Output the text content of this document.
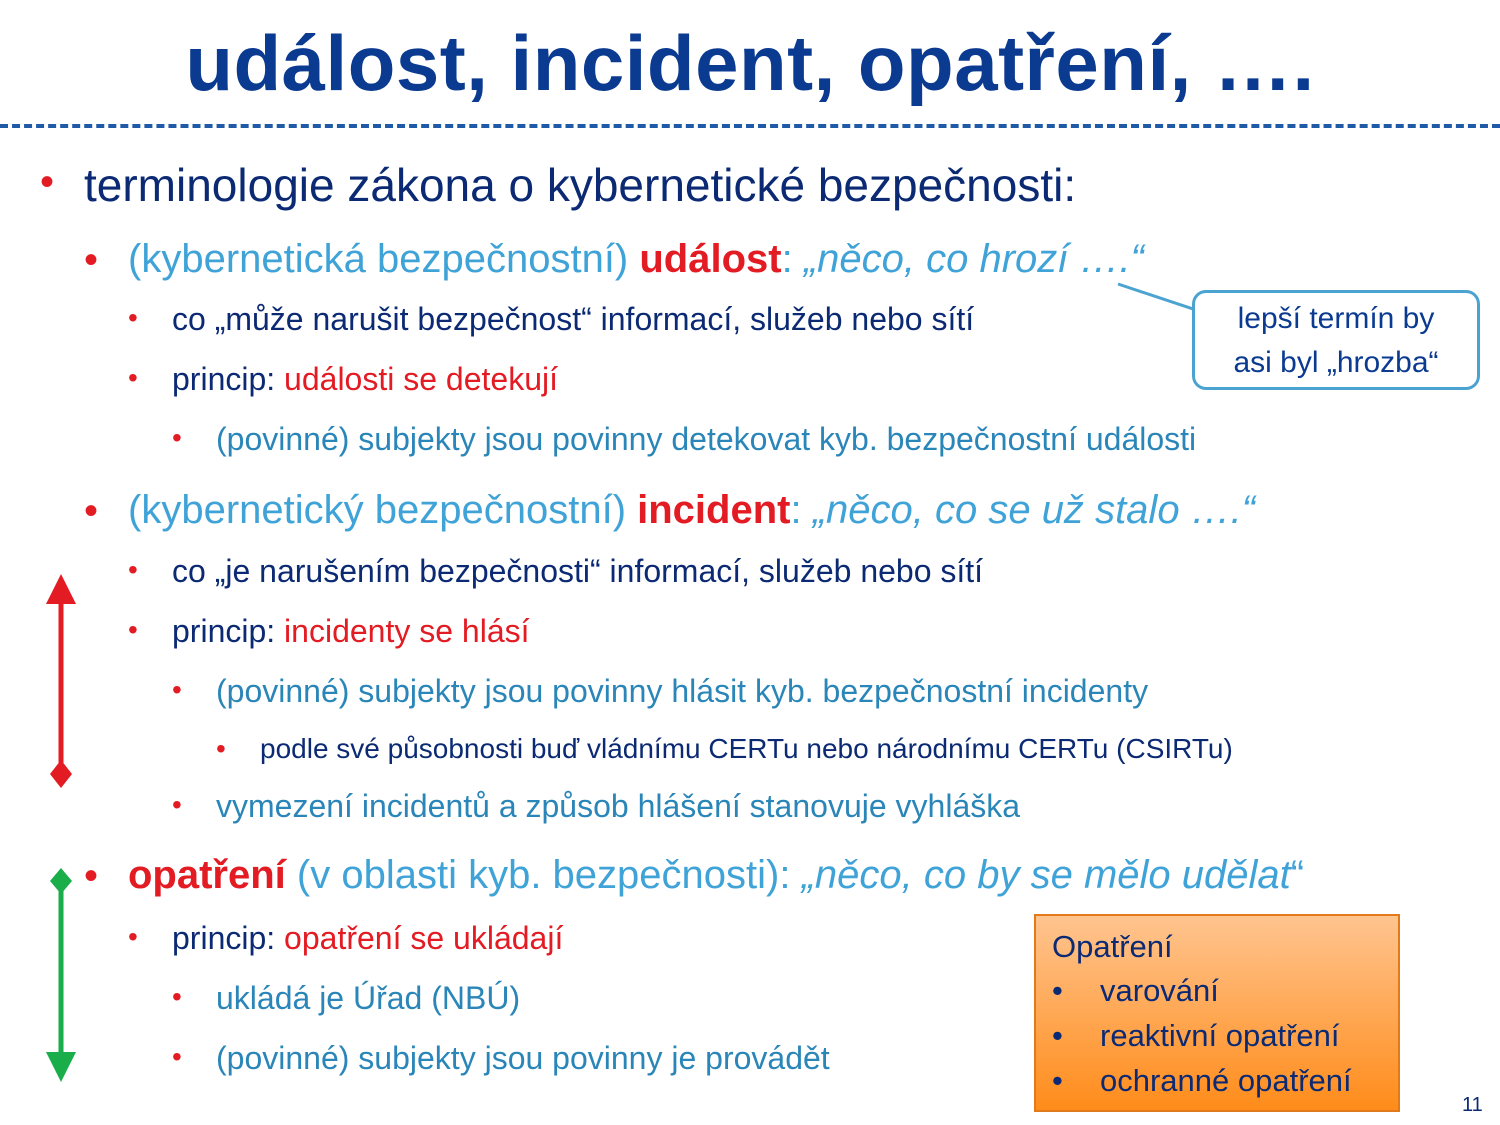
událost, incident, opatření, ….
• terminologie zákona o kybernetické bezpečnosti:
• (kybernetická bezpečnostní) událost: „něco, co hrozí ….“
• co „může narušit bezpečnost“ informací, služeb nebo sítí
• princip: události se detekují
• (povinné) subjekty jsou povinny detekovat kyb. bezpečnostní události
• (kybernetický bezpečnostní) incident: „něco, co se už stalo ….“
• co „je narušením bezpečnosti“ informací, služeb nebo sítí
• princip: incidenty se hlásí
• (povinné) subjekty jsou povinny hlásit kyb. bezpečnostní incidenty
• podle své působnosti buď vládnímu CERTu nebo národnímu CERTu (CSIRTu)
• vymezení incidentů a způsob hlášení stanovuje vyhláška
• opatření (v oblasti kyb. bezpečnosti): „něco, co by se mělo udělat“
• princip: opatření se ukládají
• ukládá je Úřad (NBÚ)
• (povinné) subjekty jsou povinny je provádět
lepší termín by
asi byl „hrozba“
Opatření
• varování
• reaktivní opatření
• ochranné opatření
11
